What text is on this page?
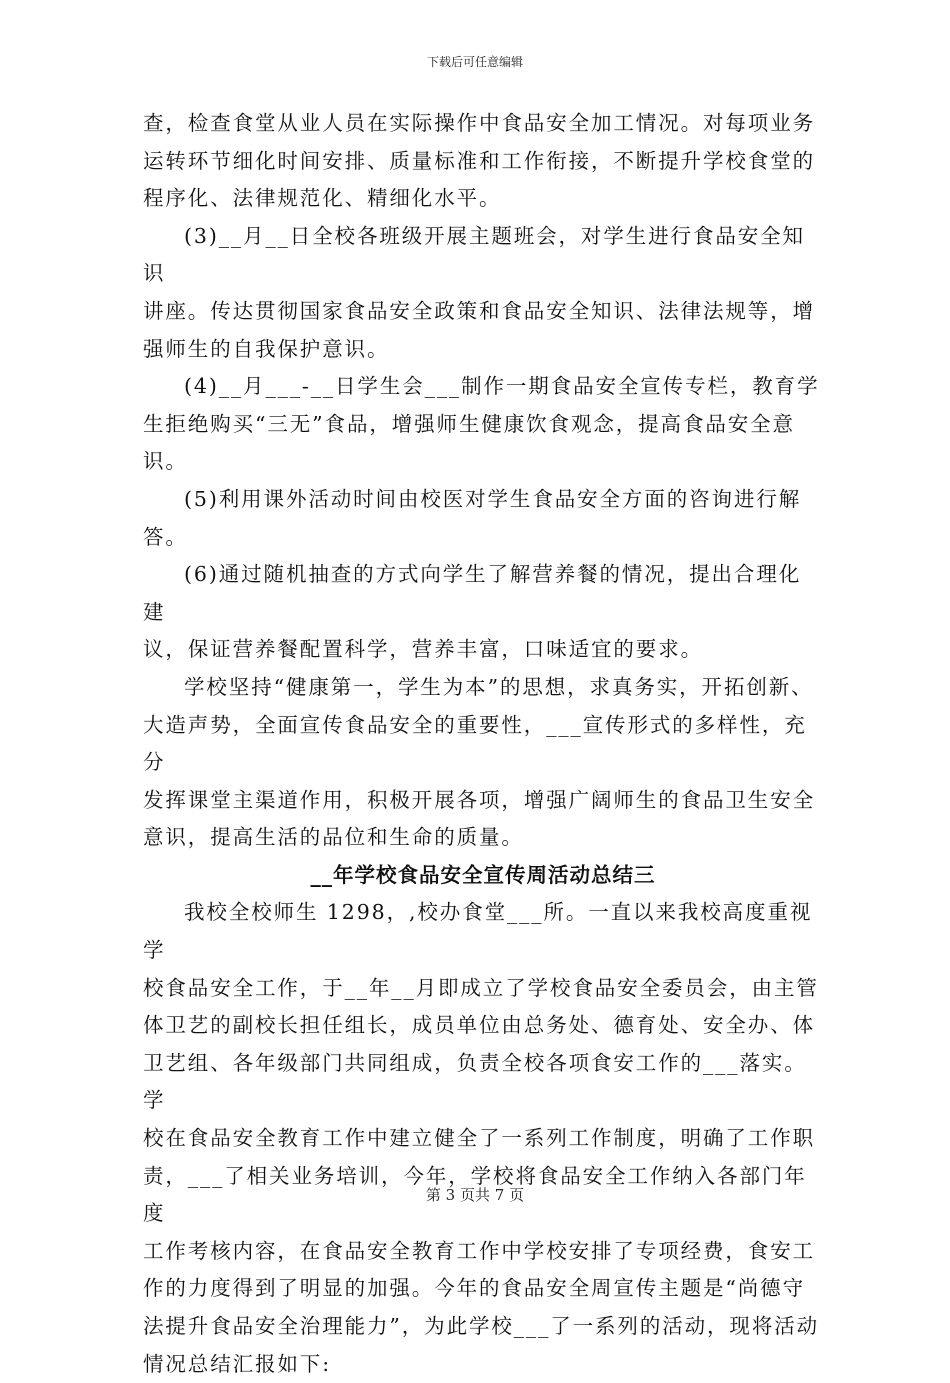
下载后可任意编辑

查，检查食堂从业人员在实际操作中食品安全加工情况。对每项业务
运转环节细化时间安排、质量标准和工作衔接，不断提升学校食堂的
程序化、法律规范化、精细化水平。

(3)__月__日全校各班级开展主题班会，对学生进行食品安全知识
讲座。传达贯彻国家食品安全政策和食品安全知识、法律法规等，增
强师生的自我保护意识。

(4)__月___-__日学生会___制作一期食品安全宣传专栏，教育学
生拒绝购买“三无”食品，增强师生健康饮食观念，提高食品安全意
识。

(5)利用课外活动时间由校医对学生食品安全方面的咨询进行解答。

(6)通过随机抽查的方式向学生了解营养餐的情况，提出合理化建
议，保证营养餐配置科学，营养丰富，口味适宜的要求。

学校坚持“健康第一，学生为本”的思想，求真务实，开拓创新、
大造声势，全面宣传食品安全的重要性，___宣传形式的多样性，充分
发挥课堂主渠道作用，积极开展各项，增强广阔师生的食品卫生安全
意识，提高生活的品位和生命的质量。

__年学校食品安全宣传周活动总结三

我校全校师生 1298，,校办食堂___所。一直以来我校高度重视学
校食品安全工作，于__年__月即成立了学校食品安全委员会，由主管
体卫艺的副校长担任组长，成员单位由总务处、德育处、安全办、体
卫艺组、各年级部门共同组成，负责全校各项食安工作的___落实。学
校在食品安全教育工作中建立健全了一系列工作制度，明确了工作职
责，___了相关业务培训，今年，学校将食品安全工作纳入各部门年度
工作考核内容，在食品安全教育工作中学校安排了专项经费，食安工
作的力度得到了明显的加强。今年的食品安全周宣传主题是“尚德守
法提升食品安全治理能力”，为此学校___了一系列的活动，现将活动
情况总结汇报如下:

第 3 页共 7 页
